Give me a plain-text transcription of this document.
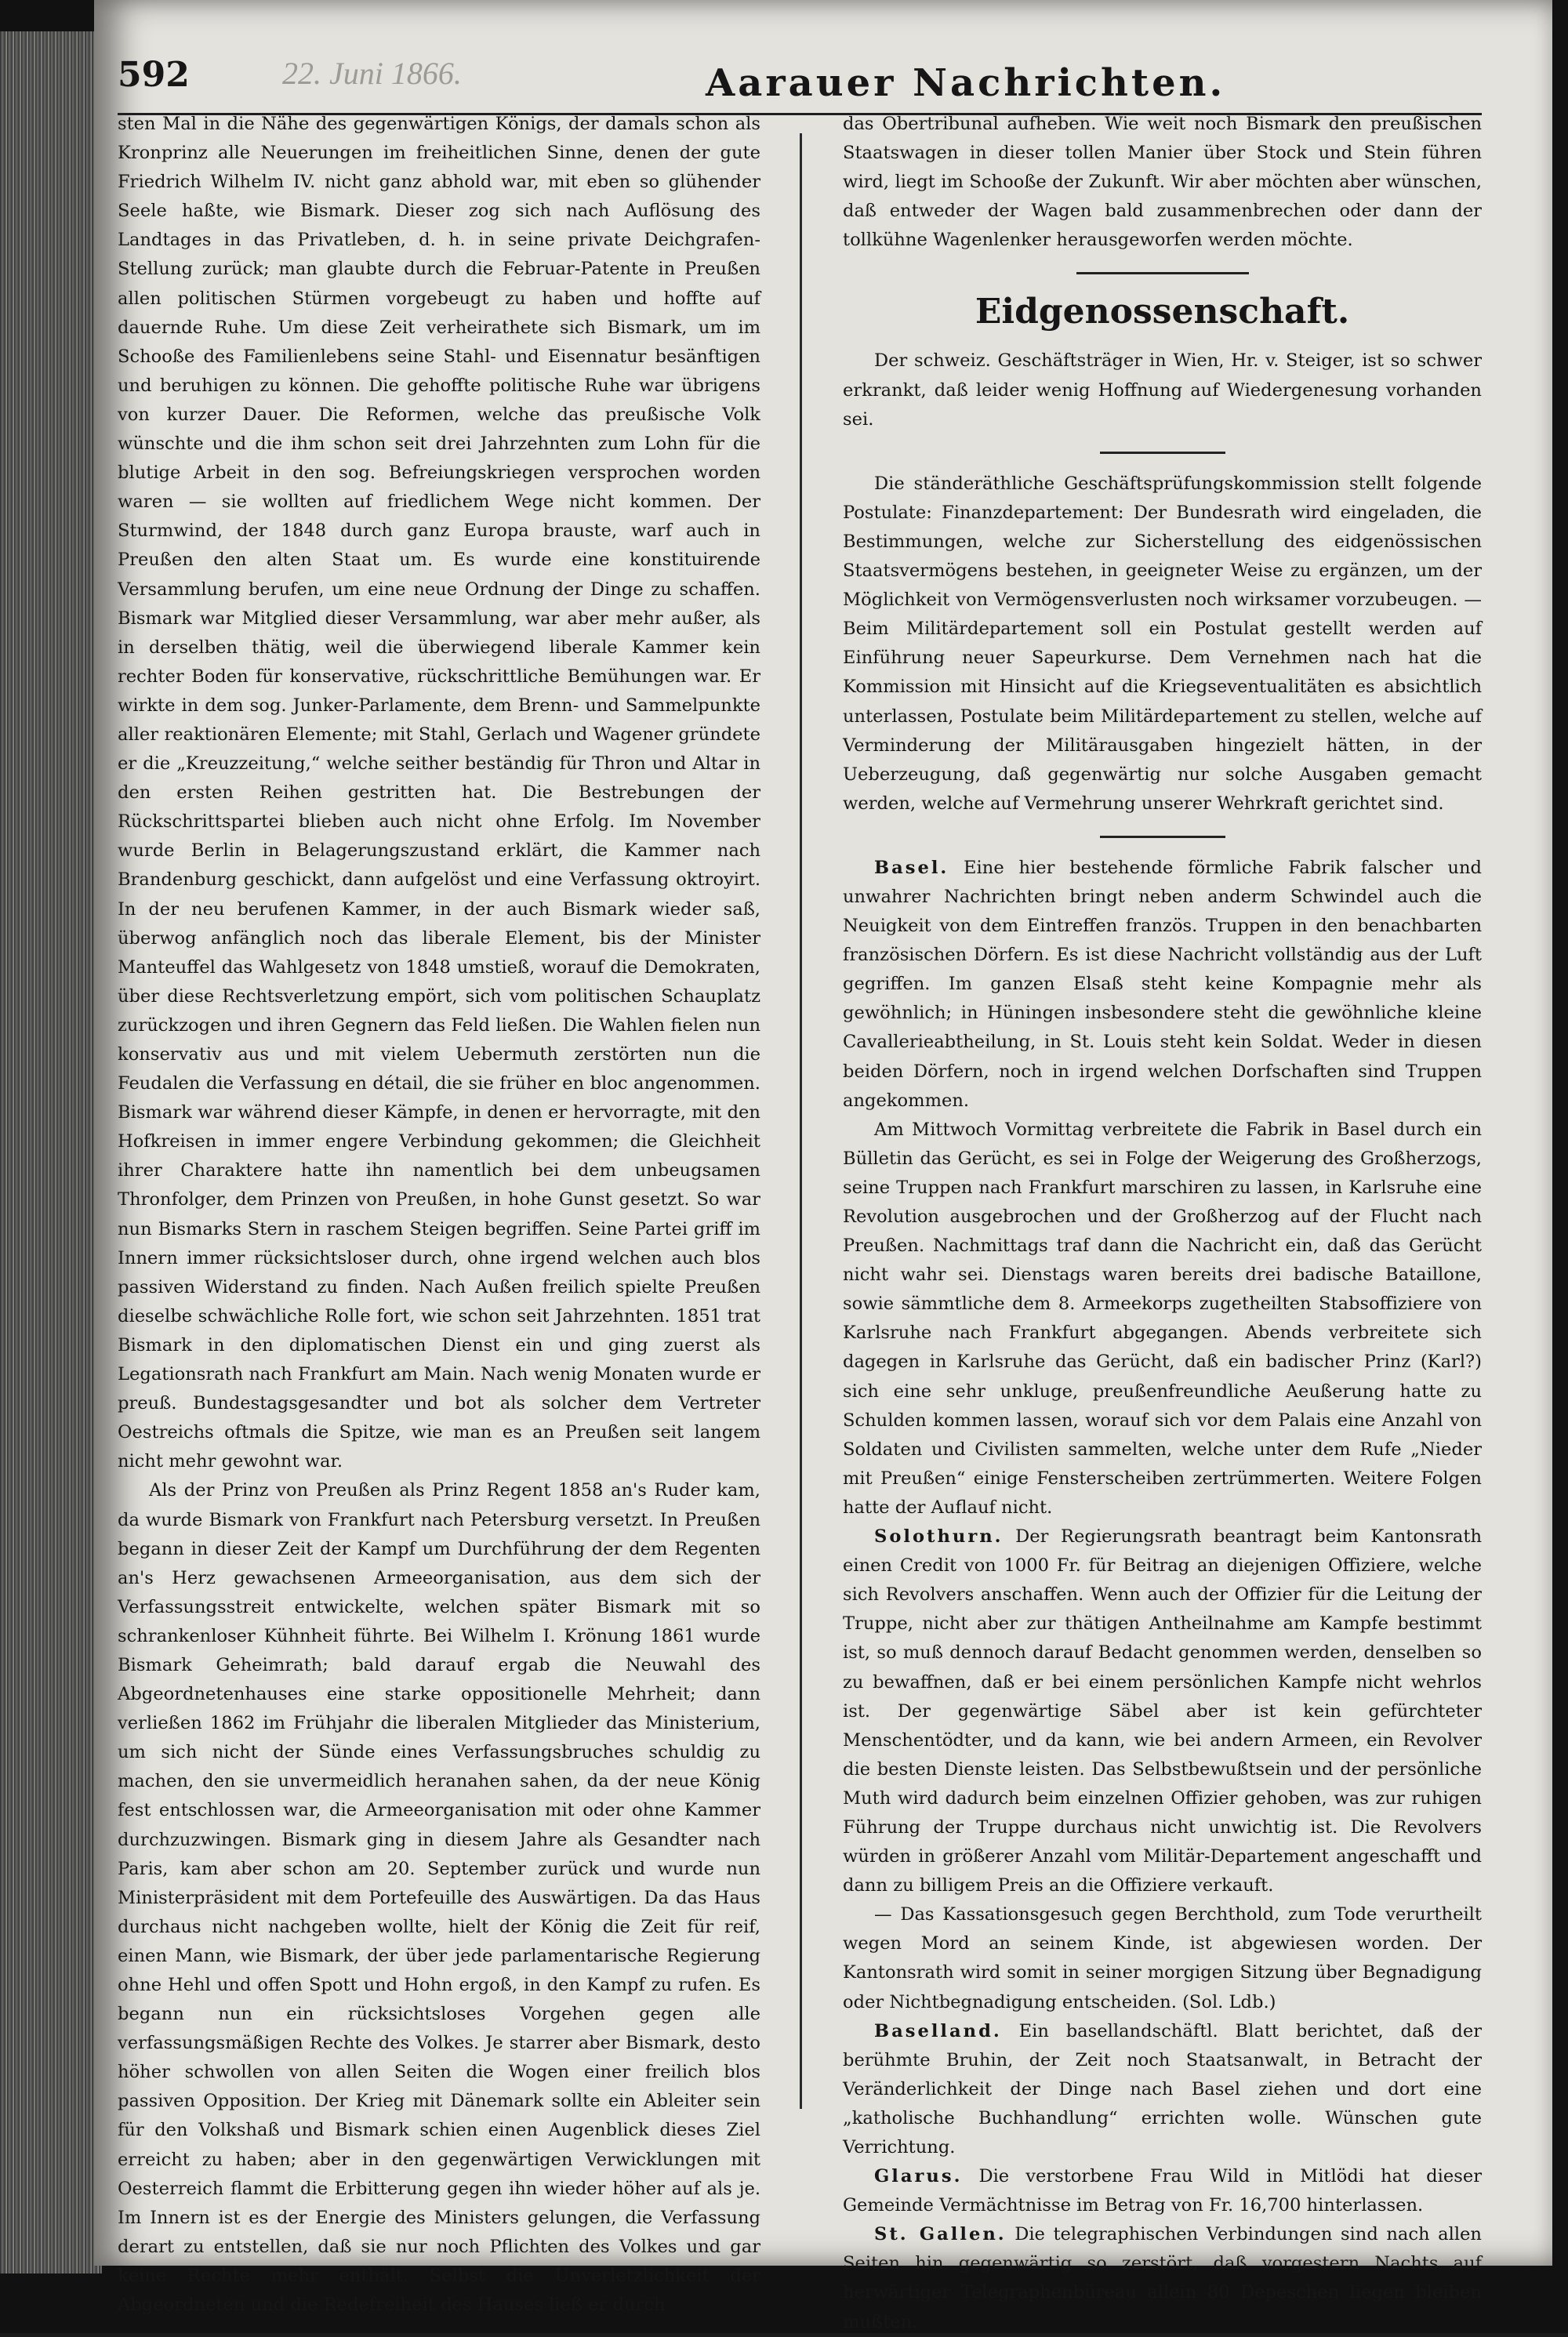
592	22. Juni 1866.	Aarauer Nachrichten.

sten Mal in die Nähe des gegenwärtigen Königs, der damals schon als Kronprinz alle Neuerungen im freiheitlichen Sinne, denen der gute Friedrich Wilhelm IV. nicht ganz abhold war, mit eben so glühender Seele haßte, wie Bismark. Dieser zog sich nach Auflösung des Landtages in das Privatleben, d. h. in seine private Deichgrafen-Stellung zurück; man glaubte durch die Februar-Patente in Preußen allen politischen Stürmen vorgebeugt zu haben und hoffte auf dauernde Ruhe. Um diese Zeit verheirathete sich Bismark, um im Schooße des Familienlebens seine Stahl- und Eisennatur besänftigen und beruhigen zu können. Die gehoffte politische Ruhe war übrigens von kurzer Dauer. Die Reformen, welche das preußische Volk wünschte und die ihm schon seit drei Jahrzehnten zum Lohn für die blutige Arbeit in den sog. Befreiungskriegen versprochen worden waren — sie wollten auf friedlichem Wege nicht kommen. Der Sturmwind, der 1848 durch ganz Europa brauste, warf auch in Preußen den alten Staat um. Es wurde eine konstituirende Versammlung berufen, um eine neue Ordnung der Dinge zu schaffen. Bismark war Mitglied dieser Versammlung, war aber mehr außer, als in derselben thätig, weil die überwiegend liberale Kammer kein rechter Boden für konservative, rückschrittliche Bemühungen war. Er wirkte in dem sog. Junker-Parlamente, dem Brenn- und Sammelpunkte aller reaktionären Elemente; mit Stahl, Gerlach und Wagener gründete er die „Kreuzzeitung,“ welche seither beständig für Thron und Altar in den ersten Reihen gestritten hat. Die Bestrebungen der Rückschrittspartei blieben auch nicht ohne Erfolg. Im November wurde Berlin in Belagerungszustand erklärt, die Kammer nach Brandenburg geschickt, dann aufgelöst und eine Verfassung oktroyirt. In der neu berufenen Kammer, in der auch Bismark wieder saß, überwog anfänglich noch das liberale Element, bis der Minister Manteuffel das Wahlgesetz von 1848 umstieß, worauf die Demokraten, über diese Rechtsverletzung empört, sich vom politischen Schauplatz zurückzogen und ihren Gegnern das Feld ließen. Die Wahlen fielen nun konservativ aus und mit vielem Uebermuth zerstörten nun die Feudalen die Verfassung en détail, die sie früher en bloc angenommen. Bismark war während dieser Kämpfe, in denen er hervorragte, mit den Hofkreisen in immer engere Verbindung gekommen; die Gleichheit ihrer Charaktere hatte ihn namentlich bei dem unbeugsamen Thronfolger, dem Prinzen von Preußen, in hohe Gunst gesetzt. So war nun Bismarks Stern in raschem Steigen begriffen. Seine Partei griff im Innern immer rücksichtsloser durch, ohne irgend welchen auch blos passiven Widerstand zu finden. Nach Außen freilich spielte Preußen dieselbe schwächliche Rolle fort, wie schon seit Jahrzehnten. 1851 trat Bismark in den diplomatischen Dienst ein und ging zuerst als Legationsrath nach Frankfurt am Main. Nach wenig Monaten wurde er preuß. Bundestagsgesandter und bot als solcher dem Vertreter Oestreichs oftmals die Spitze, wie man es an Preußen seit langem nicht mehr gewohnt war.

Als der Prinz von Preußen als Prinz Regent 1858 an's Ruder kam, da wurde Bismark von Frankfurt nach Petersburg versetzt. In Preußen begann in dieser Zeit der Kampf um Durchführung der dem Regenten an's Herz gewachsenen Armeeorganisation, aus dem sich der Verfassungsstreit entwickelte, welchen später Bismark mit so schrankenloser Kühnheit führte. Bei Wilhelm I. Krönung 1861 wurde Bismark Geheimrath; bald darauf ergab die Neuwahl des Abgeordnetenhauses eine starke oppositionelle Mehrheit; dann verließen 1862 im Frühjahr die liberalen Mitglieder das Ministerium, um sich nicht der Sünde eines Verfassungsbruches schuldig zu machen, den sie unvermeidlich heranahen sahen, da der neue König fest entschlossen war, die Armeeorganisation mit oder ohne Kammer durchzuzwingen. Bismark ging in diesem Jahre als Gesandter nach Paris, kam aber schon am 20. September zurück und wurde nun Ministerpräsident mit dem Portefeuille des Auswärtigen. Da das Haus durchaus nicht nachgeben wollte, hielt der König die Zeit für reif, einen Mann, wie Bismark, der über jede parlamentarische Regierung ohne Hehl und offen Spott und Hohn ergoß, in den Kampf zu rufen. Es begann nun ein rücksichtsloses Vorgehen gegen alle verfassungsmäßigen Rechte des Volkes. Je starrer aber Bismark, desto höher schwollen von allen Seiten die Wogen einer freilich blos passiven Opposition. Der Krieg mit Dänemark sollte ein Ableiter sein für den Volkshaß und Bismark schien einen Augenblick dieses Ziel erreicht zu haben; aber in den gegenwärtigen Verwicklungen mit Oesterreich flammt die Erbitterung gegen ihn wieder höher auf als je. Im Innern ist es der Energie des Ministers gelungen, die Verfassung derart zu entstellen, daß sie nur noch Pflichten des Volkes und gar keine Rechte mehr enthält. Selbst die Unverletzlichkeit der Abgeordneten und die Redefreiheit des Hauses ließ er durch

das Obertribunal aufheben. Wie weit noch Bismark den preußischen Staatswagen in dieser tollen Manier über Stock und Stein führen wird, liegt im Schooße der Zukunft. Wir aber möchten aber wünschen, daß entweder der Wagen bald zusammenbrechen oder dann der tollkühne Wagenlenker herausgeworfen werden möchte.

Eidgenossenschaft.

Der schweiz. Geschäftsträger in Wien, Hr. v. Steiger, ist so schwer erkrankt, daß leider wenig Hoffnung auf Wiedergenesung vorhanden sei.

Die ständeräthliche Geschäftsprüfungskommission stellt folgende Postulate: Finanzdepartement: Der Bundesrath wird eingeladen, die Bestimmungen, welche zur Sicherstellung des eidgenössischen Staatsvermögens bestehen, in geeigneter Weise zu ergänzen, um der Möglichkeit von Vermögensverlusten noch wirksamer vorzubeugen. — Beim Militärdepartement soll ein Postulat gestellt werden auf Einführung neuer Sapeurkurse. Dem Vernehmen nach hat die Kommission mit Hinsicht auf die Kriegseventualitäten es absichtlich unterlassen, Postulate beim Militärdepartement zu stellen, welche auf Verminderung der Militärausgaben hingezielt hätten, in der Ueberzeugung, daß gegenwärtig nur solche Ausgaben gemacht werden, welche auf Vermehrung unserer Wehrkraft gerichtet sind.

Basel. Eine hier bestehende förmliche Fabrik falscher und unwahrer Nachrichten bringt neben anderm Schwindel auch die Neuigkeit von dem Eintreffen französ. Truppen in den benachbarten französischen Dörfern. Es ist diese Nachricht vollständig aus der Luft gegriffen. Im ganzen Elsaß steht keine Kompagnie mehr als gewöhnlich; in Hüningen insbesondere steht die gewöhnliche kleine Cavallerieabtheilung, in St. Louis steht kein Soldat. Weder in diesen beiden Dörfern, noch in irgend welchen Dorfschaften sind Truppen angekommen.

Am Mittwoch Vormittag verbreitete die Fabrik in Basel durch ein Bülletin das Gerücht, es sei in Folge der Weigerung des Großherzogs, seine Truppen nach Frankfurt marschiren zu lassen, in Karlsruhe eine Revolution ausgebrochen und der Großherzog auf der Flucht nach Preußen. Nachmittags traf dann die Nachricht ein, daß das Gerücht nicht wahr sei. Dienstags waren bereits drei badische Bataillone, sowie sämmtliche dem 8. Armeekorps zugetheilten Stabsoffiziere von Karlsruhe nach Frankfurt abgegangen. Abends verbreitete sich dagegen in Karlsruhe das Gerücht, daß ein badischer Prinz (Karl?) sich eine sehr unkluge, preußenfreundliche Aeußerung hatte zu Schulden kommen lassen, worauf sich vor dem Palais eine Anzahl von Soldaten und Civilisten sammelten, welche unter dem Rufe „Nieder mit Preußen“ einige Fensterscheiben zertrümmerten. Weitere Folgen hatte der Auflauf nicht.

Solothurn. Der Regierungsrath beantragt beim Kantonsrath einen Credit von 1000 Fr. für Beitrag an diejenigen Offiziere, welche sich Revolvers anschaffen. Wenn auch der Offizier für die Leitung der Truppe, nicht aber zur thätigen Antheilnahme am Kampfe bestimmt ist, so muß dennoch darauf Bedacht genommen werden, denselben so zu bewaffnen, daß er bei einem persönlichen Kampfe nicht wehrlos ist. Der gegenwärtige Säbel aber ist kein gefürchteter Menschentödter, und da kann, wie bei andern Armeen, ein Revolver die besten Dienste leisten. Das Selbstbewußtsein und der persönliche Muth wird dadurch beim einzelnen Offizier gehoben, was zur ruhigen Führung der Truppe durchaus nicht unwichtig ist. Die Revolvers würden in größerer Anzahl vom Militär-Departement angeschafft und dann zu billigem Preis an die Offiziere verkauft.

— Das Kassationsgesuch gegen Berchthold, zum Tode verurtheilt wegen Mord an seinem Kinde, ist abgewiesen worden. Der Kantonsrath wird somit in seiner morgigen Sitzung über Begnadigung oder Nichtbegnadigung entscheiden. (Sol. Ldb.)

Baselland. Ein basellandschäftl. Blatt berichtet, daß der berühmte Bruhin, der Zeit noch Staatsanwalt, in Betracht der Veränderlichkeit der Dinge nach Basel ziehen und dort eine „katholische Buchhandlung“ errichten wolle. Wünschen gute Verrichtung.

Glarus. Die verstorbene Frau Wild in Mitlödi hat dieser Gemeinde Vermächtnisse im Betrag von Fr. 16,700 hinterlassen.

St. Gallen. Die telegraphischen Verbindungen sind nach allen Seiten hin gegenwärtig so zerstört, daß vorgestern Nachts auf herwärtiger Telegraphenbüreau allein 80 Depeschen liegen bleiben mußten.
